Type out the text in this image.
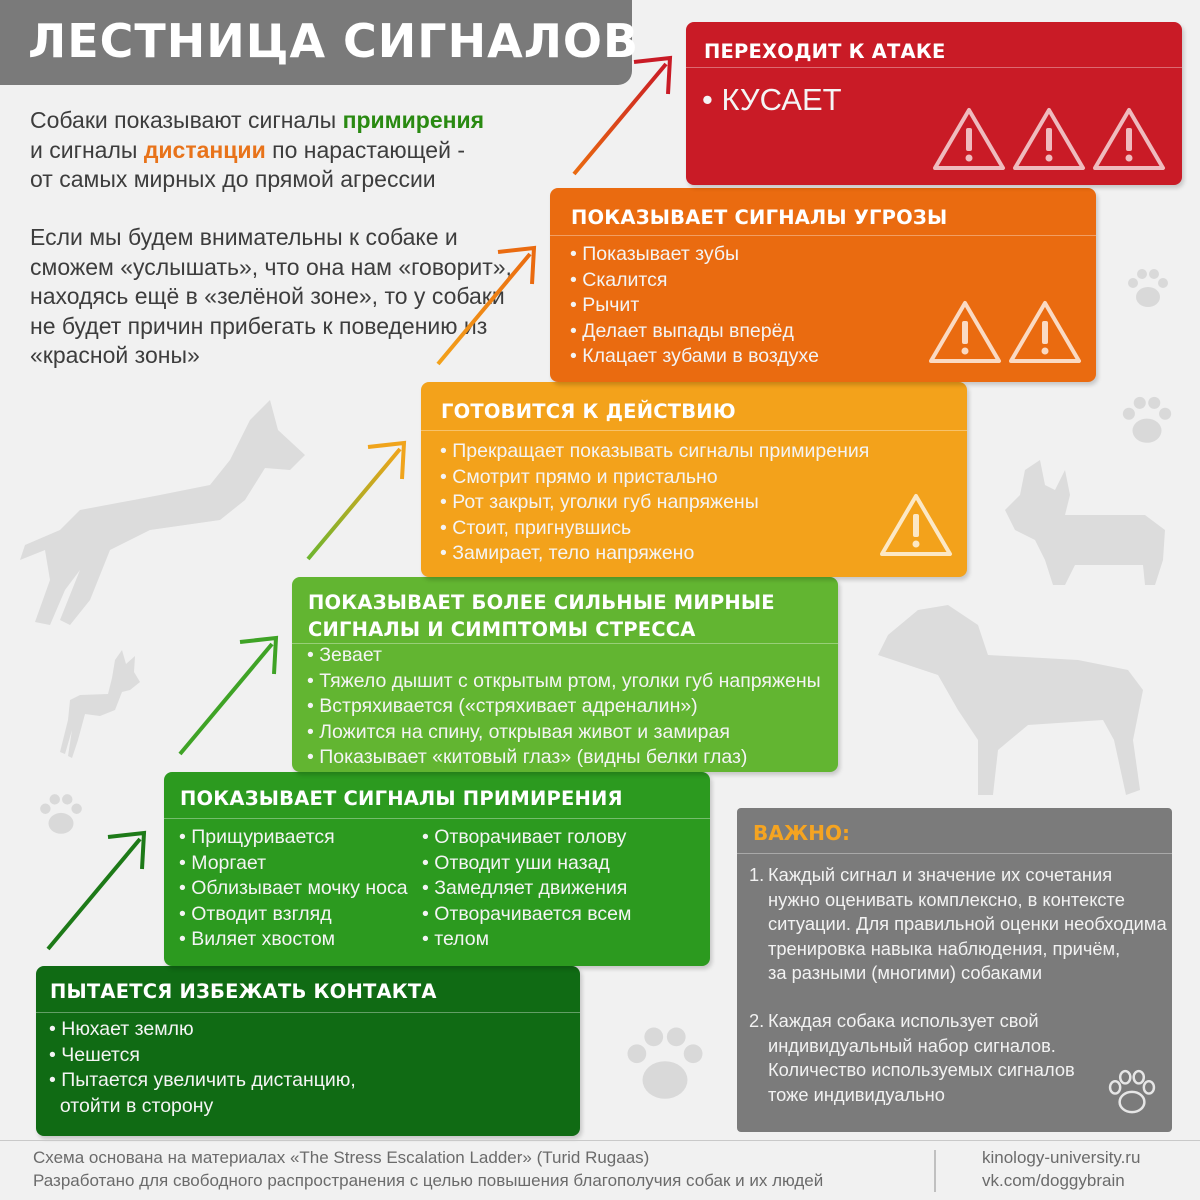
ЛЕСТНИЦА СИГНАЛОВ
Собаки показывают сигналы примирения
и сигналы дистанции по нарастающей -
от самых мирных до прямой агрессии
Если мы будем внимательны к собаке и сможем «услышать», что она нам «говорит», находясь ещё в «зелёной зоне», то у собаки не будет причин прибегать к поведению из «красной зоны»
ПЫТАЕТСЯ ИЗБЕЖАТЬ КОНТАКТА
• Нюхает землю
• Чешется
• Пытается увеличить дистанцию,
отойти в сторону
ПОКАЗЫВАЕТ СИГНАЛЫ ПРИМИРЕНИЯ
• Прищуривается
• Моргает
• Облизывает мочку носа
• Отводит взгляд
• Виляет хвостом
• Отворачивает голову
• Отводит уши назад
• Замедляет движения
• Отворачивается всем
• телом
ПОКАЗЫВАЕТ БОЛЕЕ СИЛЬНЫЕ МИРНЫЕ
СИГНАЛЫ И СИМПТОМЫ СТРЕССА
• Зевает
• Тяжело дышит с открытым ртом, уголки губ напряжены
• Встряхивается («стряхивает адреналин»)
• Ложится на спину, открывая живот и замирая
• Показывает «китовый глаз» (видны белки глаз)
ГОТОВИТСЯ К ДЕЙСТВИЮ
• Прекращает показывать сигналы примирения
• Смотрит прямо и пристально
• Рот закрыт, уголки губ напряжены
• Стоит, пригнувшись
• Замирает, тело напряжено
ПОКАЗЫВАЕТ СИГНАЛЫ УГРОЗЫ
• Показывает зубы
• Скалится
• Рычит
• Делает выпады вперёд
• Клацает зубами в воздухе
ПЕРЕХОДИТ К АТАКЕ
• КУСАЕТ
ВАЖНО:
1. Каждый сигнал и значение их сочетания
нужно оценивать комплексно, в контексте
ситуации. Для правильной оценки необходима
тренировка навыка наблюдения, причём,
за разными (многими) собаками
2. Каждая собака использует свой
индивидуальный набор сигналов.
Количество используемых сигналов
тоже индивидуально
Схема основана на материалах «The Stress Escalation Ladder» (Turid Rugaas)
Разработано для свободного распространения с целью повышения благополучия собак и их людей
kinology-university.ru
vk.com/doggybrain
